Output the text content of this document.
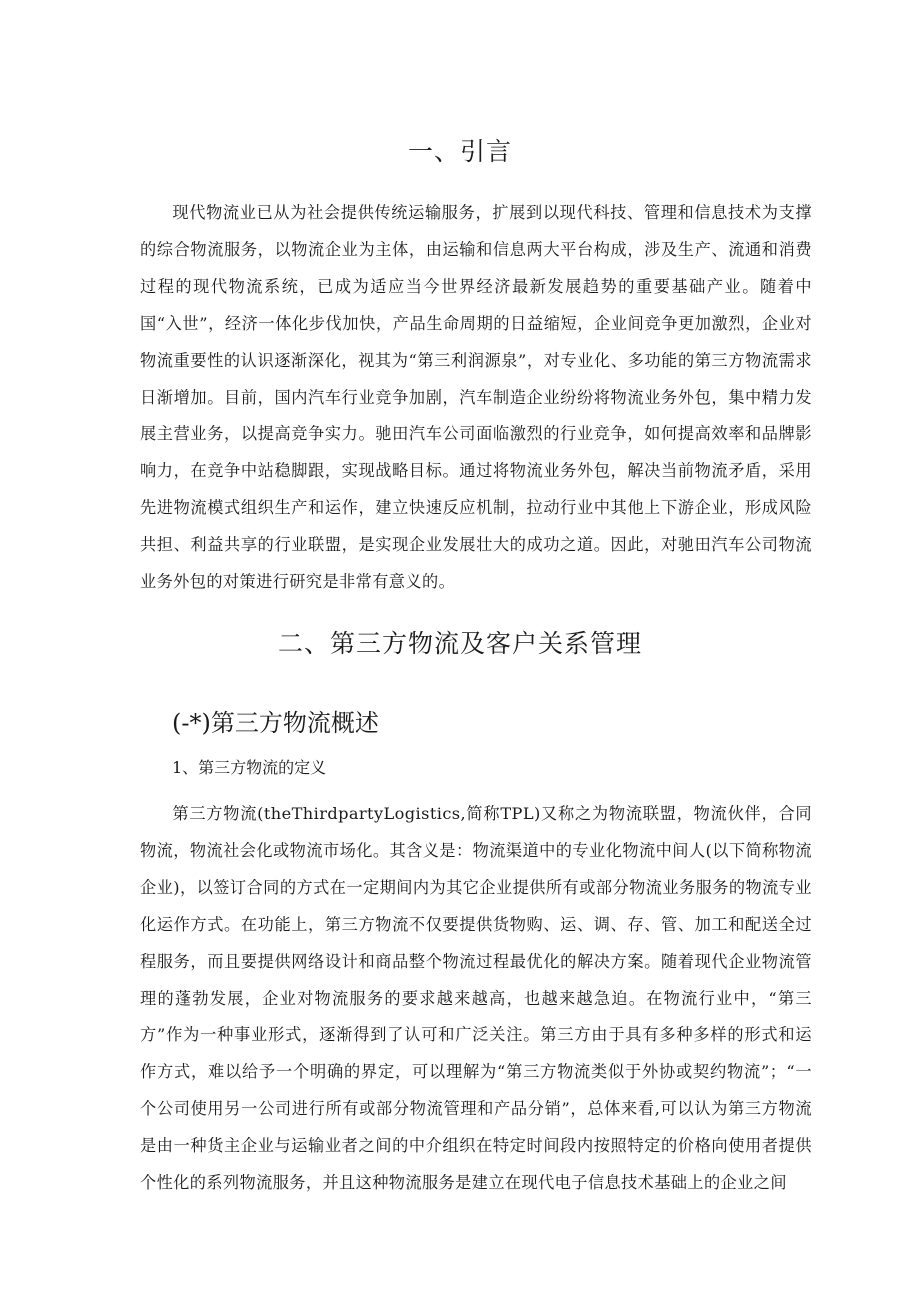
一、引言

现代物流业已从为社会提供传统运输服务，扩展到以现代科技、管理和信息技术为支撑的综合物流服务，以物流企业为主体，由运输和信息两大平台构成，涉及生产、流通和消费过程的现代物流系统，已成为适应当今世界经济最新发展趋势的重要基础产业。随着中国“入世”，经济一体化步伐加快，产品生命周期的日益缩短，企业间竞争更加激烈，企业对物流重要性的认识逐渐深化，视其为“第三利润源泉”，对专业化、多功能的第三方物流需求日渐增加。目前，国内汽车行业竞争加剧，汽车制造企业纷纷将物流业务外包，集中精力发展主营业务，以提高竞争实力。驰田汽车公司面临激烈的行业竞争，如何提高效率和品牌影响力，在竞争中站稳脚跟，实现战略目标。通过将物流业务外包，解决当前物流矛盾，采用先进物流模式组织生产和运作，建立快速反应机制，拉动行业中其他上下游企业，形成风险共担、利益共享的行业联盟，是实现企业发展壮大的成功之道。因此，对驰田汽车公司物流业务外包的对策进行研究是非常有意义的。

二、第三方物流及客户关系管理
(-*)第三方物流概述
1、第三方物流的定义

第三方物流(theThirdpartyLogistics,简称TPL)又称之为物流联盟，物流伙伴，合同物流，物流社会化或物流市场化。其含义是：物流渠道中的专业化物流中间人(以下简称物流企业)，以签订合同的方式在一定期间内为其它企业提供所有或部分物流业务服务的物流专业化运作方式。在功能上，第三方物流不仅要提供货物购、运、调、存、管、加工和配送全过程服务，而且要提供网络设计和商品整个物流过程最优化的解决方案。随着现代企业物流管理的蓬勃发展，企业对物流服务的要求越来越高，也越来越急迫。在物流行业中，“第三方”作为一种事业形式，逐渐得到了认可和广泛关注。第三方由于具有多种多样的形式和运作方式，难以给予一个明确的界定，可以理解为“第三方物流类似于外协或契约物流”；“一个公司使用另一公司进行所有或部分物流管理和产品分销”，总体来看,可以认为第三方物流是由一种货主企业与运输业者之间的中介组织在特定时间段内按照特定的价格向使用者提供个性化的系列物流服务，并且这种物流服务是建立在现代电子信息技术基础上的企业之间
